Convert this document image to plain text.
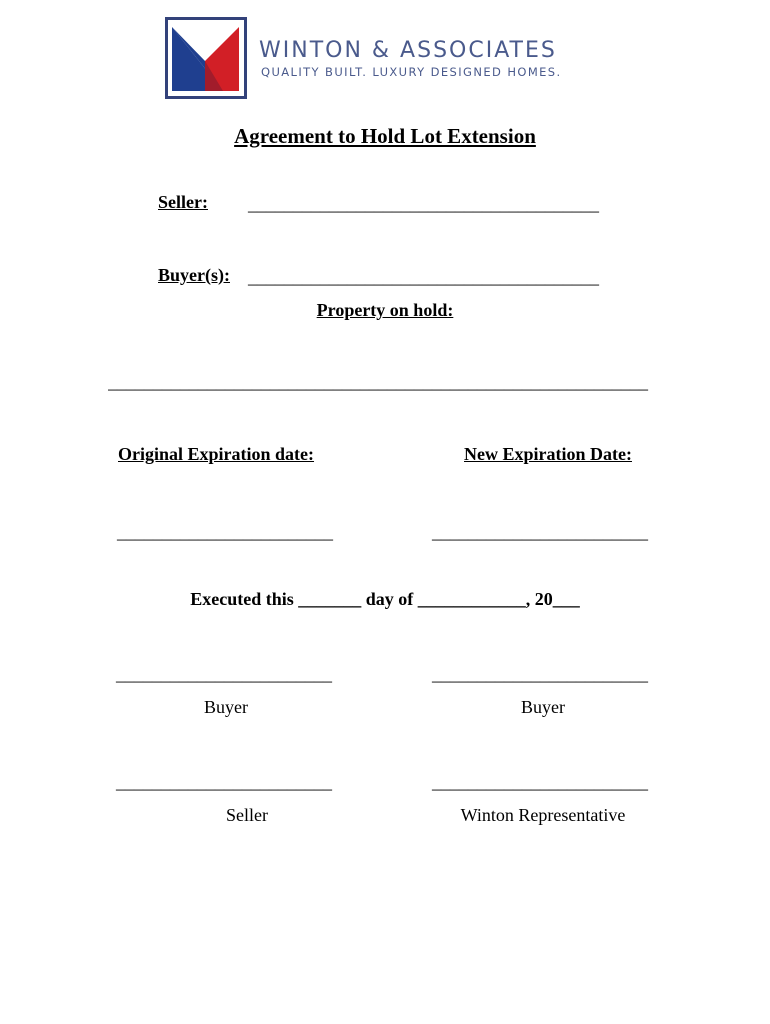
WINTON & ASSOCIATES
QUALITY BUILT. LUXURY DESIGNED HOMES.
Agreement to Hold Lot Extension
Seller: _______________________________________
Buyer(s): _______________________________________
Property on hold:
____________________________________________________________
Original Expiration date:	New Expiration Date:
________________________	________________________
Executed this _______ day of ____________, 20___
________________________
Buyer
________________________
Buyer
________________________
Seller
________________________
Winton Representative
